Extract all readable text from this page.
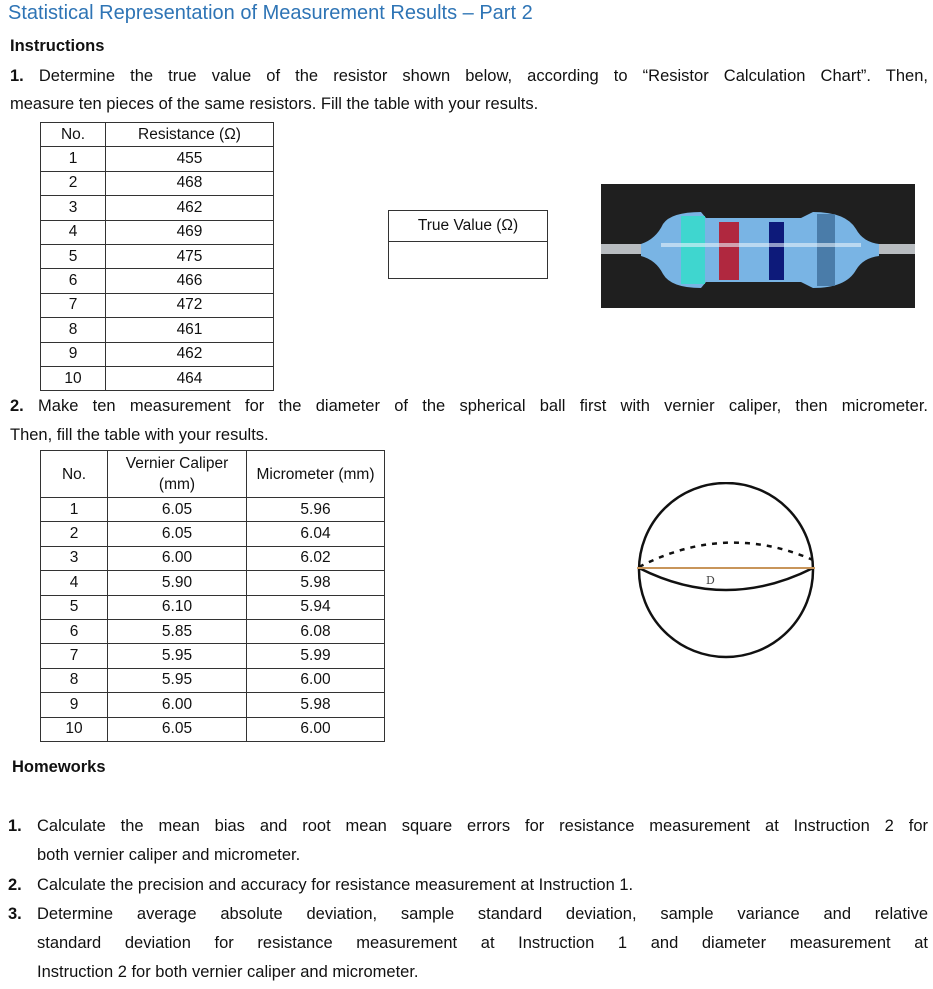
Statistical Representation of Measurement Results – Part 2
Instructions
1. Determine the true value of the resistor shown below, according to “Resistor Calculation Chart”. Then,
measure ten pieces of the same resistors. Fill the table with your results.
No.	Resistance (Ω)
1	455
2	468
3	462
4	469
5	475
6	466
7	472
8	461
9	462
10	464
True Value (Ω)

2. Make ten measurement for the diameter of the spherical ball first with vernier caliper, then micrometer.
Then, fill the table with your results.
No.	Vernier Caliper (mm)	Micrometer (mm)
1	6.05	5.96
2	6.05	6.04
3	6.00	6.02
4	5.90	5.98
5	6.10	5.94
6	5.85	6.08
7	5.95	5.99
8	5.95	6.00
9	6.00	5.98
10	6.05	6.00
D
Homeworks
1. Calculate the mean bias and root mean square errors for resistance measurement at Instruction 2 for
both vernier caliper and micrometer.
2. Calculate the precision and accuracy for resistance measurement at Instruction 1.
3. Determine average absolute deviation, sample standard deviation, sample variance and relative
standard deviation for resistance measurement at Instruction 1 and diameter measurement at
Instruction 2 for both vernier caliper and micrometer.
